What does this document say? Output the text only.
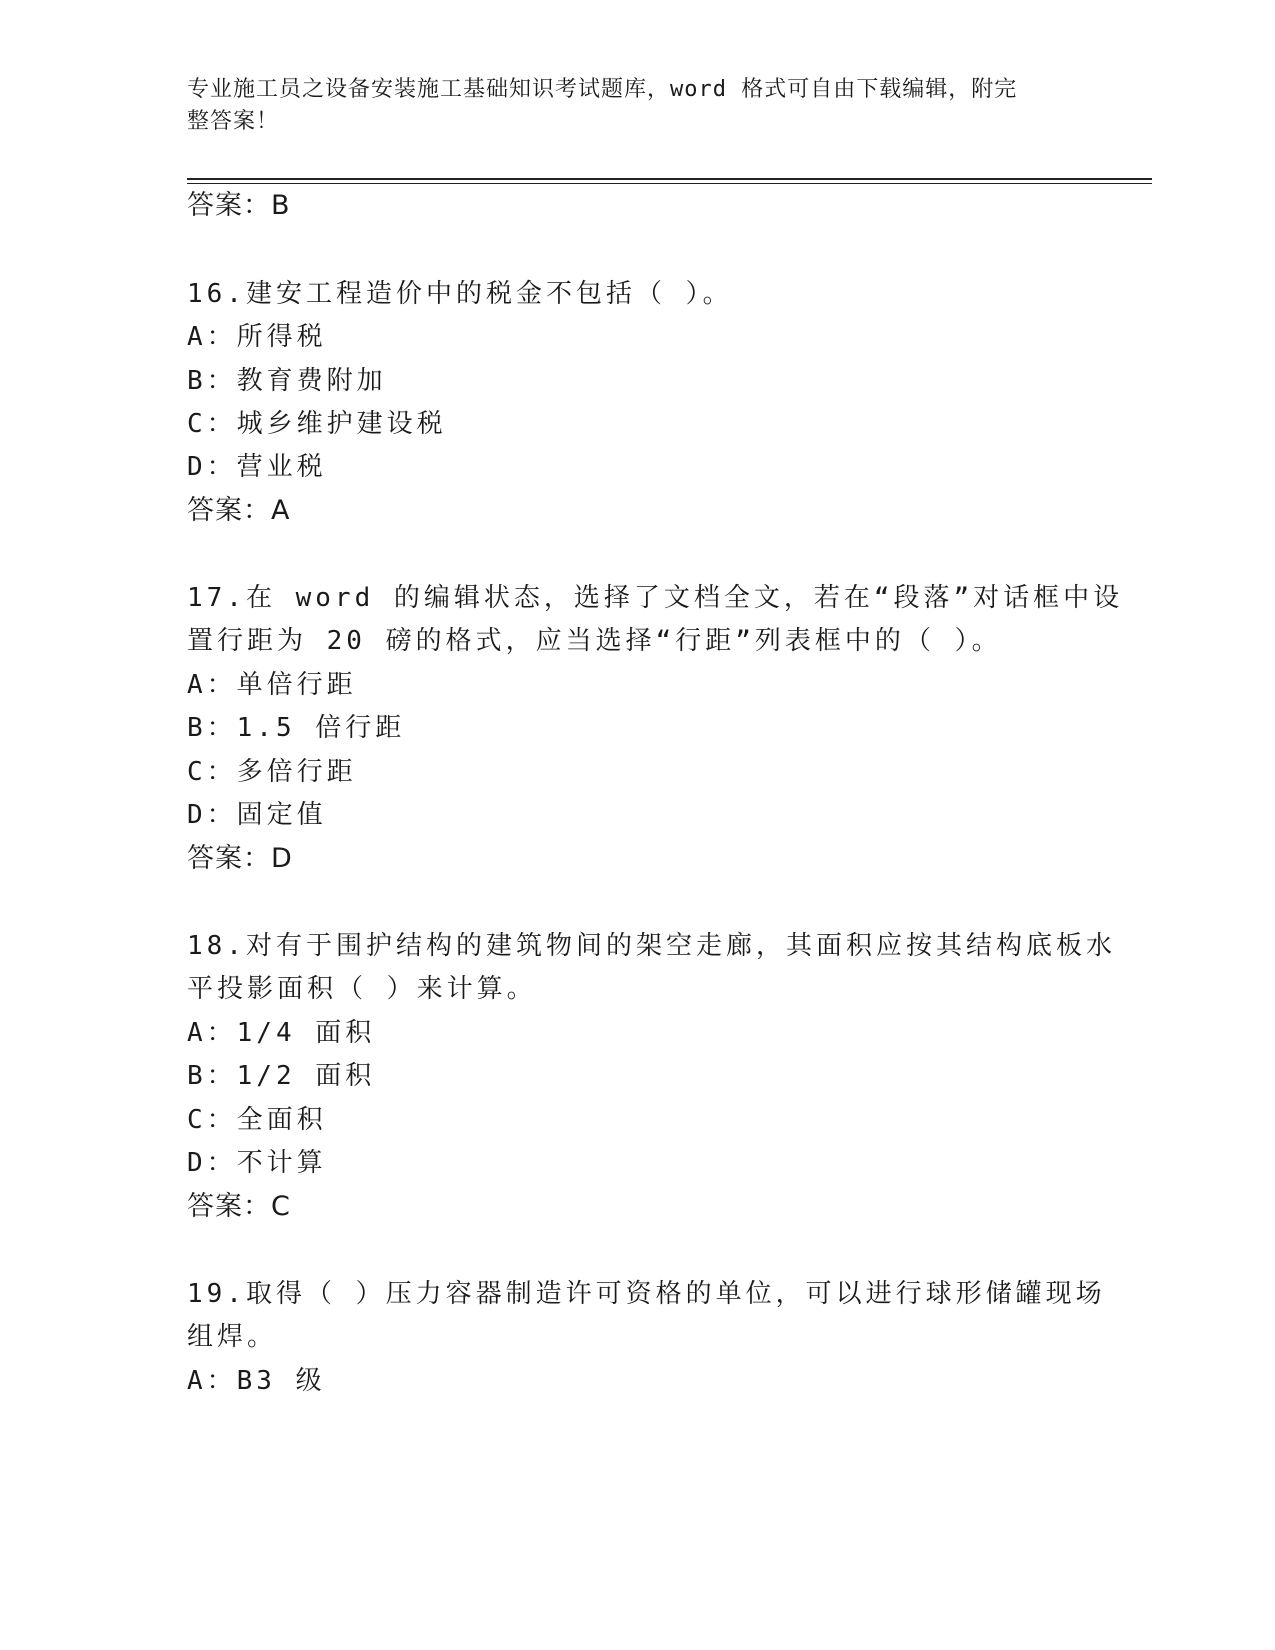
专业施工员之设备安装施工基础知识考试题库，word 格式可自由下载编辑，附完
整答案！
答案：B
16.建安工程造价中的税金不包括（ ）。
A：所得税
B：教育费附加
C：城乡维护建设税
D：营业税
答案：A
17.在 word 的编辑状态，选择了文档全文，若在“段落”对话框中设
置行距为 20 磅的格式，应当选择“行距”列表框中的（ ）。
A：单倍行距
B：1.5 倍行距
C：多倍行距
D：固定值
答案：D
18.对有于围护结构的建筑物间的架空走廊，其面积应按其结构底板水
平投影面积（ ）来计算。
A：1/4 面积
B：1/2 面积
C：全面积
D：不计算
答案：C
19.取得（ ）压力容器制造许可资格的单位，可以进行球形储罐现场
组焊。
A：B3 级
